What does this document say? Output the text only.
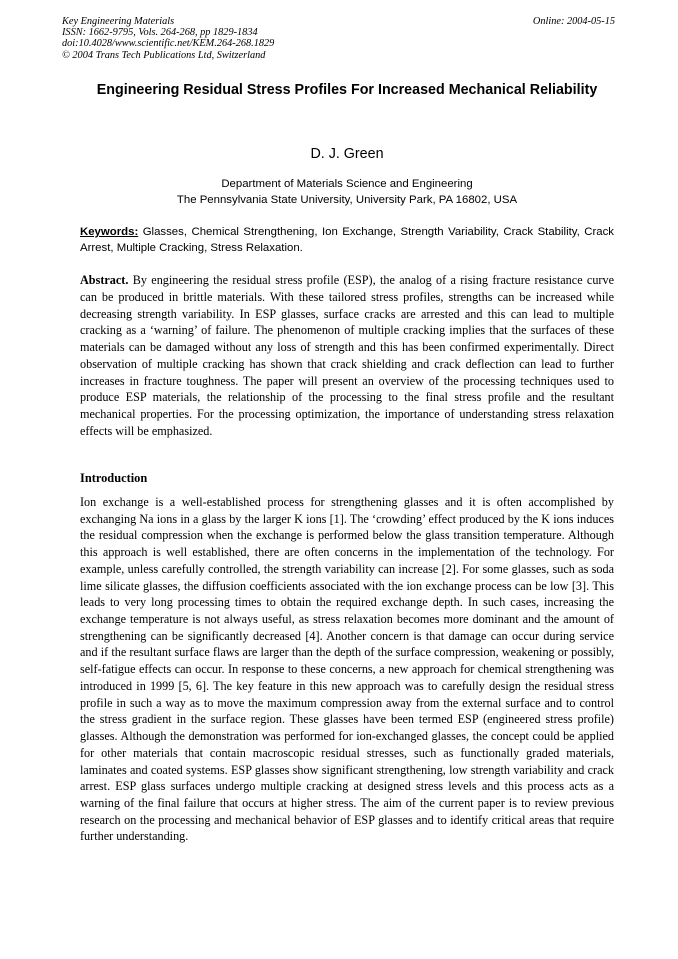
Online: 2004-05-15
Key Engineering Materials
ISSN: 1662-9795, Vols. 264-268, pp 1829-1834
doi:10.4028/www.scientific.net/KEM.264-268.1829
© 2004 Trans Tech Publications Ltd, Switzerland
Engineering Residual Stress Profiles For Increased Mechanical Reliability
D. J. Green
Department of Materials Science and Engineering
The Pennsylvania State University, University Park, PA 16802, USA
Keywords: Glasses, Chemical Strengthening, Ion Exchange, Strength Variability, Crack Stability, Crack Arrest, Multiple Cracking, Stress Relaxation.
Abstract. By engineering the residual stress profile (ESP), the analog of a rising fracture resistance curve can be produced in brittle materials. With these tailored stress profiles, strengths can be increased while decreasing strength variability. In ESP glasses, surface cracks are arrested and this can lead to multiple cracking as a ‘warning’ of failure. The phenomenon of multiple cracking implies that the surfaces of these materials can be damaged without any loss of strength and this has been confirmed experimentally. Direct observation of multiple cracking has shown that crack shielding and crack deflection can lead to further increases in fracture toughness. The paper will present an overview of the processing techniques used to produce ESP materials, the relationship of the processing to the final stress profile and the resultant mechanical properties. For the processing optimization, the importance of understanding stress relaxation effects will be emphasized.
Introduction
Ion exchange is a well-established process for strengthening glasses and it is often accomplished by exchanging Na ions in a glass by the larger K ions [1]. The ‘crowding’ effect produced by the K ions induces the residual compression when the exchange is performed below the glass transition temperature. Although this approach is well established, there are often concerns in the implementation of the technology. For example, unless carefully controlled, the strength variability can increase [2]. For some glasses, such as soda lime silicate glasses, the diffusion coefficients associated with the ion exchange process can be low [3]. This leads to very long processing times to obtain the required exchange depth. In such cases, increasing the exchange temperature is not always useful, as stress relaxation becomes more dominant and the amount of strengthening can be significantly decreased [4]. Another concern is that damage can occur during service and if the resultant surface flaws are larger than the depth of the surface compression, weakening or possibly, self-fatigue effects can occur. In response to these concerns, a new approach for chemical strengthening was introduced in 1999 [5, 6]. The key feature in this new approach was to carefully design the residual stress profile in such a way as to move the maximum compression away from the external surface and to control the stress gradient in the surface region. These glasses have been termed ESP (engineered stress profile) glasses. Although the demonstration was performed for ion-exchanged glasses, the concept could be applied for other materials that contain macroscopic residual stresses, such as functionally graded materials, laminates and coated systems. ESP glasses show significant strengthening, low strength variability and crack arrest. ESP glass surfaces undergo multiple cracking at designed stress levels and this process acts as a warning of the final failure that occurs at higher stress. The aim of the current paper is to review previous research on the processing and mechanical behavior of ESP glasses and to identify critical areas that require further understanding.
